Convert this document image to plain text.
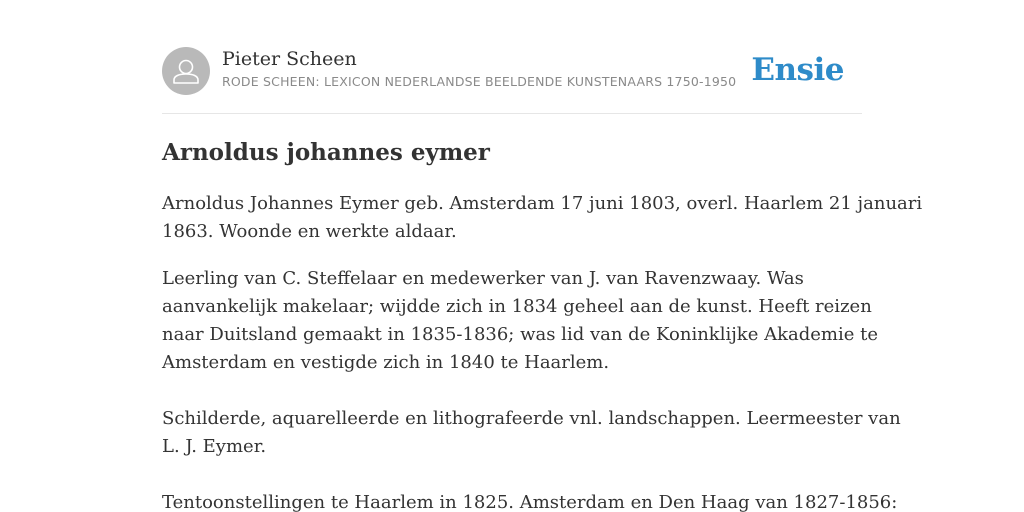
Pieter Scheen
RODE SCHEEN: LEXICON NEDERLANDSE BEELDENDE KUNSTENAARS 1750-1950 Ensie
Arnoldus johannes eymer

Arnoldus Johannes Eymer geb. Amsterdam 17 juni 1803, overl. Haarlem 21 januari

1863. Woonde en werkte aldaar.

Leerling van C. Steffelaar en medewerker van J. van Ravenzwaay. Was

aanvankelijk makelaar; wijdde zich in 1834 geheel aan de kunst. Heeft reizen

naar Duitsland gemaakt in 1835-1836; was lid van de Koninklijke Akademie te

Amsterdam en vestigde zich in 1840 te Haarlem.

Schilderde, aquarelleerde en lithografeerde vnl. landschappen. Leermeester van

L. J. Eymer.

Tentoonstellingen te Haarlem in 1825. Amsterdam en Den Haag van 1827-1856:
